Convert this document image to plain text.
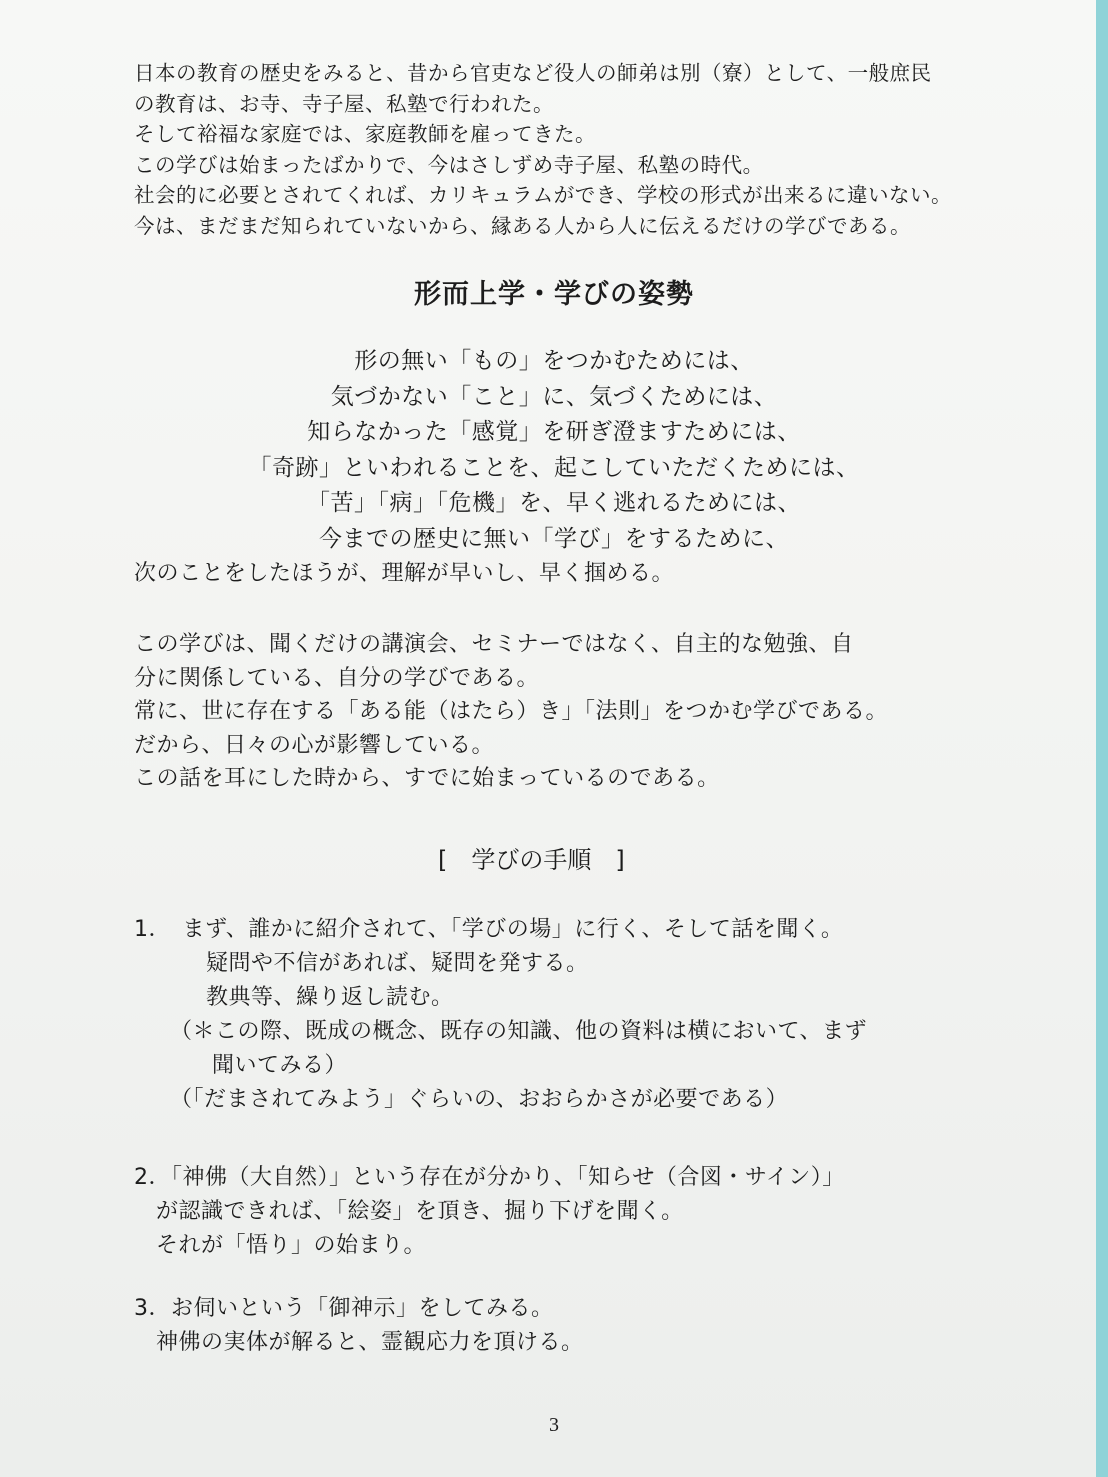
日本の教育の歴史をみると、昔から官吏など役人の師弟は別（寮）として、一般庶民
の教育は、お寺、寺子屋、私塾で行われた。
そして裕福な家庭では、家庭教師を雇ってきた。
この学びは始まったばかりで、今はさしずめ寺子屋、私塾の時代。
社会的に必要とされてくれば、カリキュラムができ、学校の形式が出来るに違いない。
今は、まだまだ知られていないから、縁ある人から人に伝えるだけの学びである。
形而上学・学びの姿勢
形の無い「もの」をつかむためには、
気づかない「こと」に、気づくためには、
知らなかった「感覚」を研ぎ澄ますためには、
「奇跡」といわれることを、起こしていただくためには、
「苦」「病」「危機」を、早く逃れるためには、
今までの歴史に無い「学び」をするために、
次のことをしたほうが、理解が早いし、早く掴める。
この学びは、聞くだけの講演会、セミナーではなく、自主的な勉強、自
分に関係している、自分の学びである。
常に、世に存在する「ある能（はたら）き」「法則」をつかむ学びである。
だから、日々の心が影響している。
この話を耳にした時から、すでに始まっているのである。
[　学びの手順　]
1．　まず、誰かに紹介されて、「学びの場」に行く、そして話を聞く。
疑問や不信があれば、疑問を発する。
教典等、繰り返し読む。
（＊この際、既成の概念、既存の知識、他の資料は横において、まず
聞いてみる）
（「だまされてみよう」ぐらいの、おおらかさが必要である）
2．「神佛（大自然）」という存在が分かり、「知らせ（合図・サイン）」
が認識できれば、「絵姿」を頂き、掘り下げを聞く。
それが「悟り」の始まり。
3．お伺いという「御神示」をしてみる。
神佛の実体が解ると、霊観応力を頂ける。
3
